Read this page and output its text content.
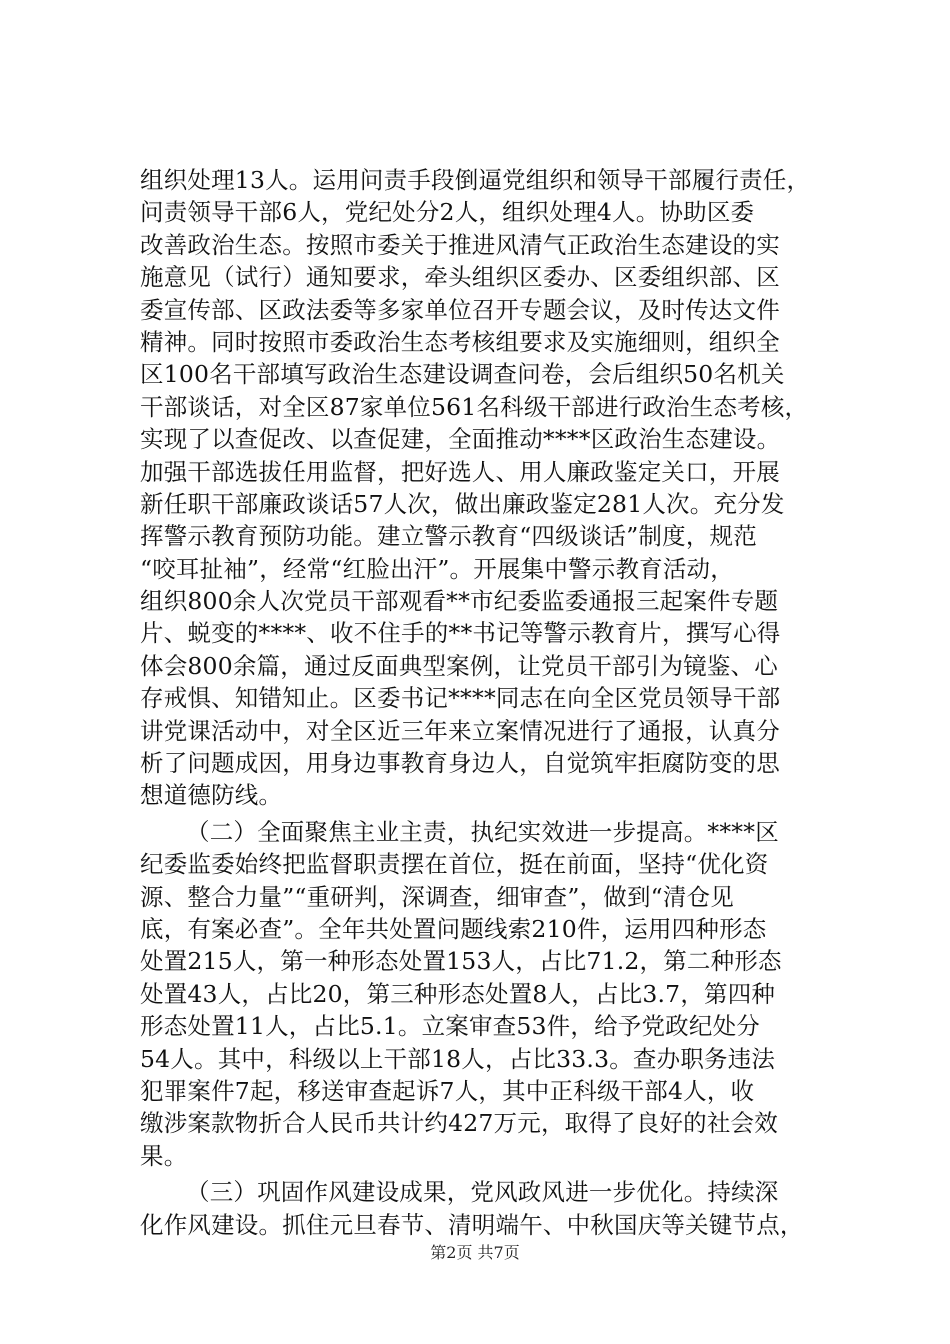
组织处理13人。运用问责手段倒逼党组织和领导干部履行责任，
问责领导干部6人，党纪处分2人，组织处理4人。协助区委
改善政治生态。按照市委关于推进风清气正政治生态建设的实
施意见（试行）通知要求，牵头组织区委办、区委组织部、区
委宣传部、区政法委等多家单位召开专题会议，及时传达文件
精神。同时按照市委政治生态考核组要求及实施细则，组织全
区100名干部填写政治生态建设调查问卷，会后组织50名机关
干部谈话，对全区87家单位561名科级干部进行政治生态考核，
实现了以查促改、以查促建，全面推动****区政治生态建设。
加强干部选拔任用监督，把好选人、用人廉政鉴定关口，开展
新任职干部廉政谈话57人次，做出廉政鉴定281人次。充分发
挥警示教育预防功能。建立警示教育“四级谈话”制度，规范
“咬耳扯袖”，经常“红脸出汗”。开展集中警示教育活动，
组织800余人次党员干部观看**市纪委监委通报三起案件专题
片、蜕变的****、收不住手的**书记等警示教育片，撰写心得
体会800余篇，通过反面典型案例，让党员干部引为镜鉴、心
存戒惧、知错知止。区委书记****同志在向全区党员领导干部
讲党课活动中，对全区近三年来立案情况进行了通报，认真分
析了问题成因，用身边事教育身边人，自觉筑牢拒腐防变的思
想道德防线。
（二）全面聚焦主业主责，执纪实效进一步提高。****区
纪委监委始终把监督职责摆在首位，挺在前面，坚持“优化资
源、整合力量”“重研判，深调查，细审查”，做到“清仓见
底，有案必查”。全年共处置问题线索210件，运用四种形态
处置215人，第一种形态处置153人，占比71.2，第二种形态
处置43人，占比20，第三种形态处置8人，占比3.7，第四种
形态处置11人，占比5.1。立案审查53件，给予党政纪处分
54人。其中，科级以上干部18人，占比33.3。查办职务违法
犯罪案件7起，移送审查起诉7人，其中正科级干部4人，收
缴涉案款物折合人民币共计约427万元，取得了良好的社会效
果。
（三）巩固作风建设成果，党风政风进一步优化。持续深
化作风建设。抓住元旦春节、清明端午、中秋国庆等关键节点，
第2页 共7页
